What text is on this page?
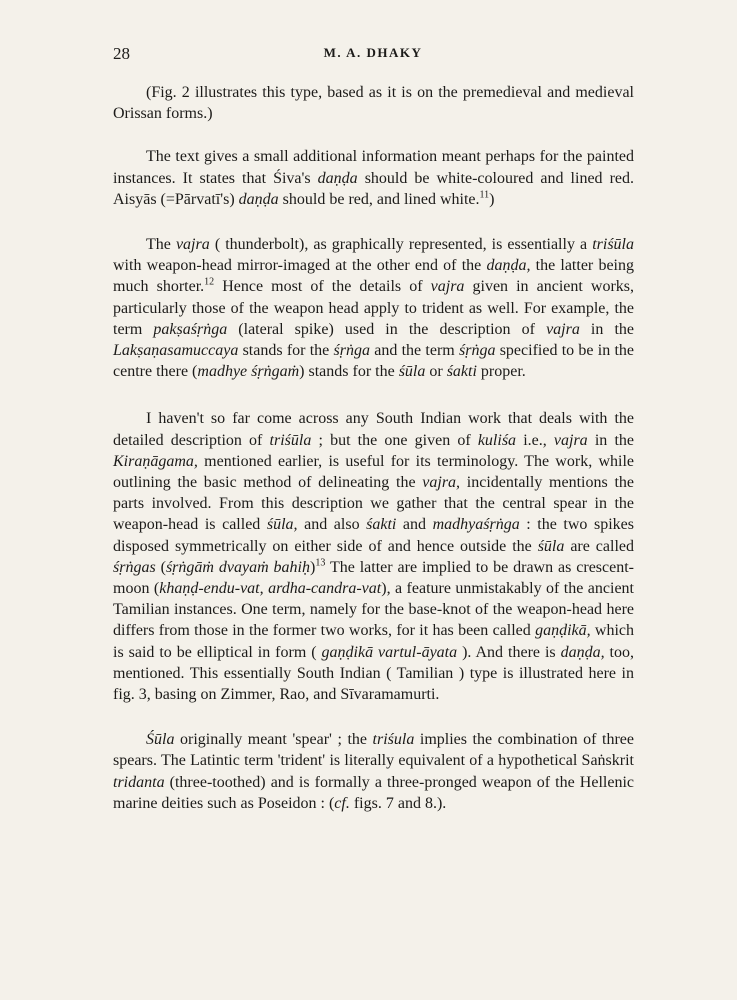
28	M. A. DHAKY

(Fig. 2 illustrates this type, based as it is on the premedieval and medieval Orissan forms.)

The text gives a small additional information meant perhaps for the painted instances. It states that Śiva's daṇḍa should be white-coloured and lined red. Aisyās (=Pārvatī's) daṇḍa should be red, and lined white.$^{11}$)

The vajra ( thunderbolt), as graphically represented, is essentially a triśūla with weapon-head mirror-imaged at the other end of the daṇḍa, the latter being much shorter.$^{12}$ Hence most of the details of vajra given in ancient works, particularly those of the weapon head apply to trident as well. For example, the term pakṣaśṛṅga (lateral spike) used in the description of vajra in the Lakṣaṇasamuccaya stands for the śṛṅga and the term śṛṅga specified to be in the centre there (madhye śṛṅgaṁ) stands for the śūla or śakti proper.

I haven't so far come across any South Indian work that deals with the detailed description of triśūla ; but the one given of kuliśa i.e., vajra in the Kiraṇāgama, mentioned earlier, is useful for its terminology. The work, while outlining the basic method of delineating the vajra, incidentally mentions the parts involved. From this description we gather that the central spear in the weapon-head is called śūla, and also śakti and madhyaśṛṅga : the two spikes disposed symmetrically on either side of and hence outside the śūla are called śṛṅgas (śṛṅgāṁ dvayaṁ bahiḥ)$^{13}$ The latter are implied to be drawn as crescent-moon (khaṇḍ-endu-vat, ardha-candra-vat), a feature unmistakably of the ancient Tamilian instances. One term, namely for the base-knot of the weapon-head here differs from those in the former two works, for it has been called gaṇḍikā, which is said to be elliptical in form ( gaṇḍikā vartul-āyata ). And there is daṇḍa, too, mentioned. This essentially South Indian ( Tamilian ) type is illustrated here in fig. 3, basing on Zimmer, Rao, and Sīvaramamurti.

Śūla originally meant 'spear' ; the triśula implies the combination of three spears. The Latintic term 'trident' is literally equivalent of a hypothetical Saṅskrit tridanta (three-toothed) and is formally a three-pronged weapon of the Hellenic marine deities such as Poseidon : (cf. figs. 7 and 8.).
